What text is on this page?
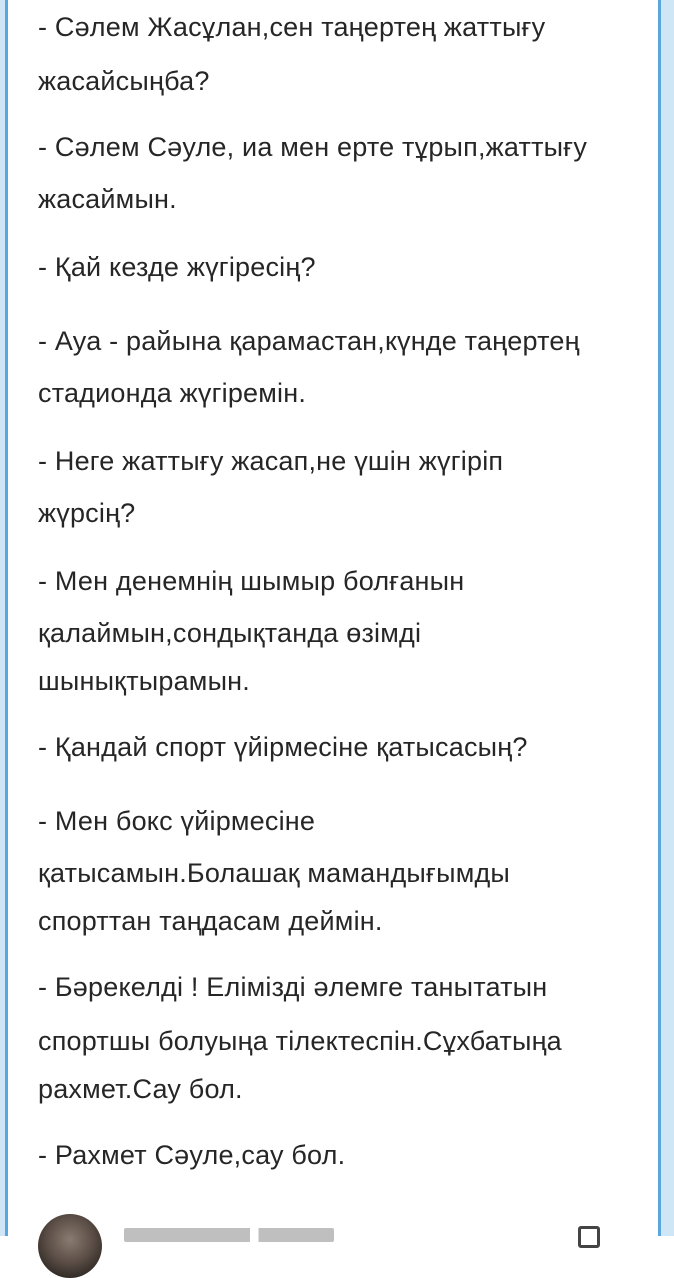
- Сәлем Жасұлан,сен таңертең жаттығу
жасайсыңба?
- Сәлем Сәуле, иа мен ерте тұрып,жаттығу
жасаймын.
- Қай кезде жүгіресің?
- Ауа - райына қарамастан,күнде таңертең
стадионда жүгіремін.
- Неге жаттығу жасап,не үшін жүгіріп
жүрсің?
- Мен денемнің шымыр болғанын
қалаймын,сондықтанда өзімді
шынықтырамын.
- Қандай спорт үйірмесіне қатысасың?
- Мен бокс үйірмесіне
қатысамын.Болашақ мамандығымды
спорттан таңдасам деймін.
- Бәрекелді ! Елімізді әлемге танытатын
спортшы болуыңа тілектеспін.Сұхбатыңа
рахмет.Сау бол.
- Рахмет Сәуле,сау бол.
